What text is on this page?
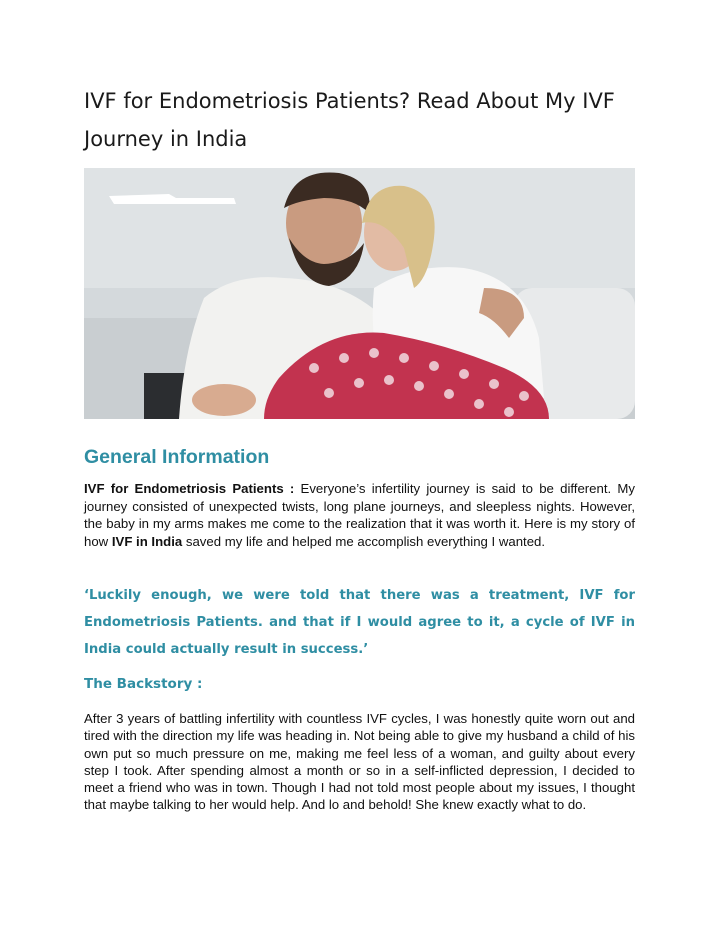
IVF for Endometriosis Patients? Read About My IVF Journey in India
General Information

IVF for Endometriosis Patients : Everyone’s infertility journey is said to be different. My journey consisted of unexpected twists, long plane journeys, and sleepless nights. However, the baby in my arms makes me come to the realization that it was worth it. Here is my story of how IVF in India saved my life and helped me accomplish everything I wanted.

‘Luckily enough, we were told that there was a treatment, IVF for Endometriosis Patients. and that if I would agree to it, a cycle of IVF in India could actually result in success.’

The Backstory :

After 3 years of battling infertility with countless IVF cycles, I was honestly quite worn out and tired with the direction my life was heading in. Not being able to give my husband a child of his own put so much pressure on me, making me feel less of a woman, and guilty about every step I took. After spending almost a month or so in a self-inflicted depression, I decided to meet a friend who was in town. Though I had not told most people about my issues, I thought that maybe talking to her would help. And lo and behold! She knew exactly what to do.
